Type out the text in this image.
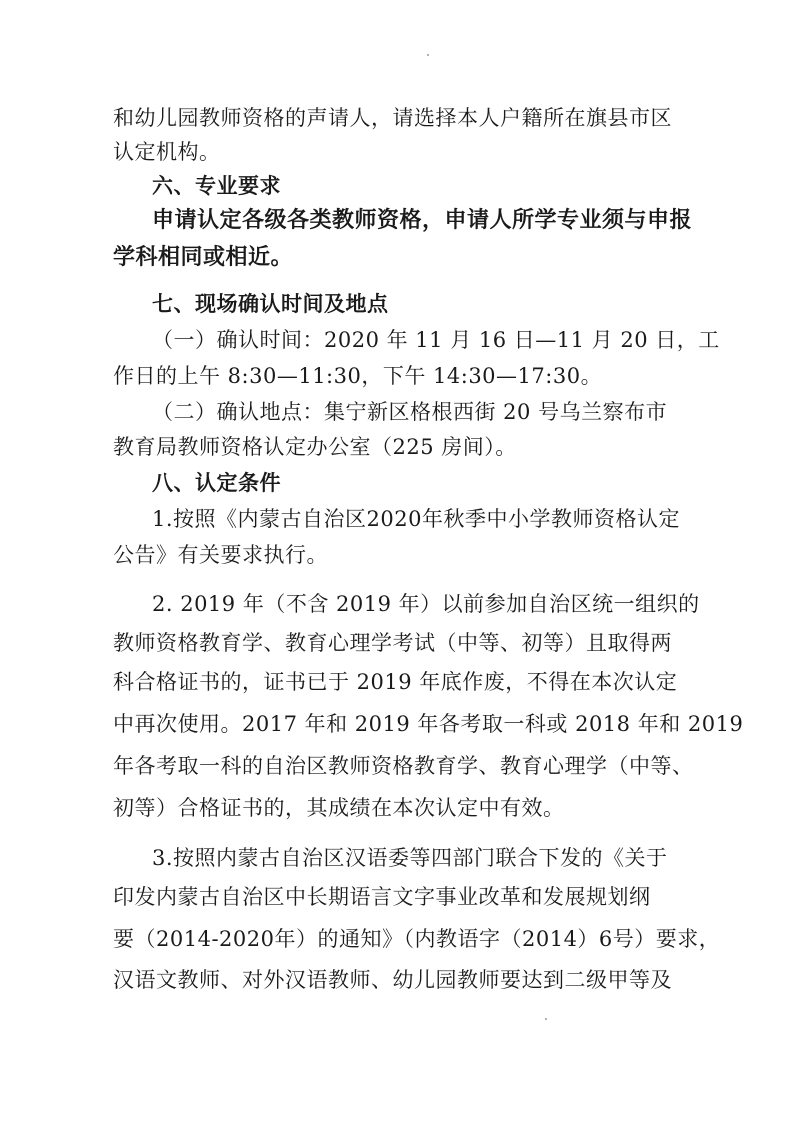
和幼儿园教师资格的声请人，请选择本人户籍所在旗县市区
认定机构。
六、专业要求
申请认定各级各类教师资格，申请人所学专业须与申报
学科相同或相近。
七、现场确认时间及地点
（一）确认时间：2020 年 11 月 16 日—11 月 20 日，工
作日的上午 8:30—11:30，下午 14:30—17:30。
（二）确认地点：集宁新区格根西街 20 号乌兰察布市
教育局教师资格认定办公室（225 房间）。
八、认定条件
1.按照《内蒙古自治区2020年秋季中小学教师资格认定
公告》有关要求执行。
2. 2019 年（不含 2019 年）以前参加自治区统一组织的
教师资格教育学、教育心理学考试（中等、初等）且取得两
科合格证书的，证书已于 2019 年底作废，不得在本次认定
中再次使用。2017 年和 2019 年各考取一科或 2018 年和 2019
年各考取一科的自治区教师资格教育学、教育心理学（中等、
初等）合格证书的，其成绩在本次认定中有效。
3.按照内蒙古自治区汉语委等四部门联合下发的《关于
印发内蒙古自治区中长期语言文字事业改革和发展规划纲
要（2014-2020年）的通知》（内教语字（2014）6号）要求，
汉语文教师、对外汉语教师、幼儿园教师要达到二级甲等及
